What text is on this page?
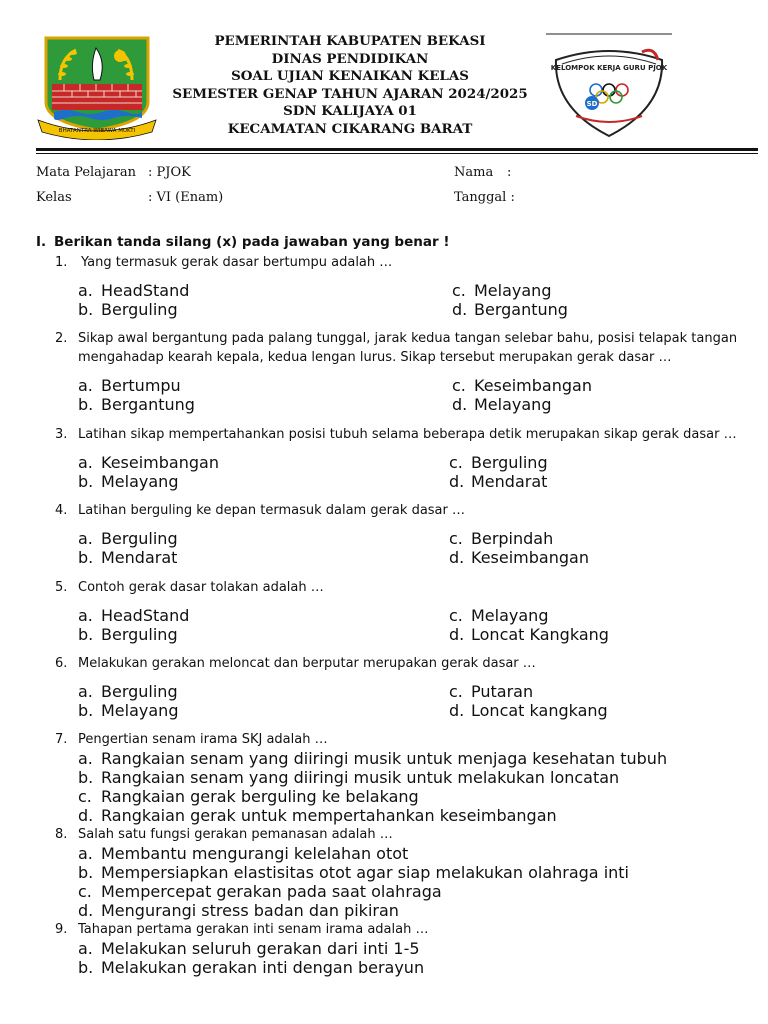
BHATANTRA WIBAWA MUKTI
KELOMPOK KERJA GURU PJOK
SD
PEMERINTAH KABUPATEN BEKASI
DINAS PENDIDIKAN
SOAL UJIAN KENAIKAN KELAS
SEMESTER GENAP TAHUN AJARAN 2024/2025
SDN KALIJAYA 01
KECAMATAN CIKARANG BARAT
Mata Pelajaran : PJOK
Kelas	: VI (Enam)
Nama :
Tanggal :
I. Berikan tanda silang (x) pada jawaban yang benar !
1. Yang termasuk gerak dasar bertumpu adalah …
a. HeadStand
b. Berguling
c. Melayang
d. Bergantung
2. Sikap awal bergantung pada palang tunggal, jarak kedua tangan selebar bahu, posisi telapak tangan mengahadap kearah kepala, kedua lengan lurus. Sikap tersebut merupakan gerak dasar …
a. Bertumpu
b. Bergantung
c. Keseimbangan
d. Melayang
3. Latihan sikap mempertahankan posisi tubuh selama beberapa detik merupakan sikap gerak dasar …
a. Keseimbangan
b. Melayang
c. Berguling
d. Mendarat
4. Latihan berguling ke depan termasuk dalam gerak dasar …
a. Berguling
b. Mendarat
c. Berpindah
d. Keseimbangan
5. Contoh gerak dasar tolakan adalah …
a. HeadStand
b. Berguling
c. Melayang
d. Loncat Kangkang
6. Melakukan gerakan meloncat dan berputar merupakan gerak dasar …
a. Berguling
b. Melayang
c. Putaran
d. Loncat kangkang
7. Pengertian senam irama SKJ adalah …
a. Rangkaian senam yang diiringi musik untuk menjaga kesehatan tubuh
b. Rangkaian senam yang diiringi musik untuk melakukan loncatan
c. Rangkaian gerak berguling ke belakang
d. Rangkaian gerak untuk mempertahankan keseimbangan
8. Salah satu fungsi gerakan pemanasan adalah …
a. Membantu mengurangi kelelahan otot
b. Mempersiapkan elastisitas otot agar siap melakukan olahraga inti
c. Mempercepat gerakan pada saat olahraga
d. Mengurangi stress badan dan pikiran
9. Tahapan pertama gerakan inti senam irama adalah …
a. Melakukan seluruh gerakan dari inti 1-5
b. Melakukan gerakan inti dengan berayun
